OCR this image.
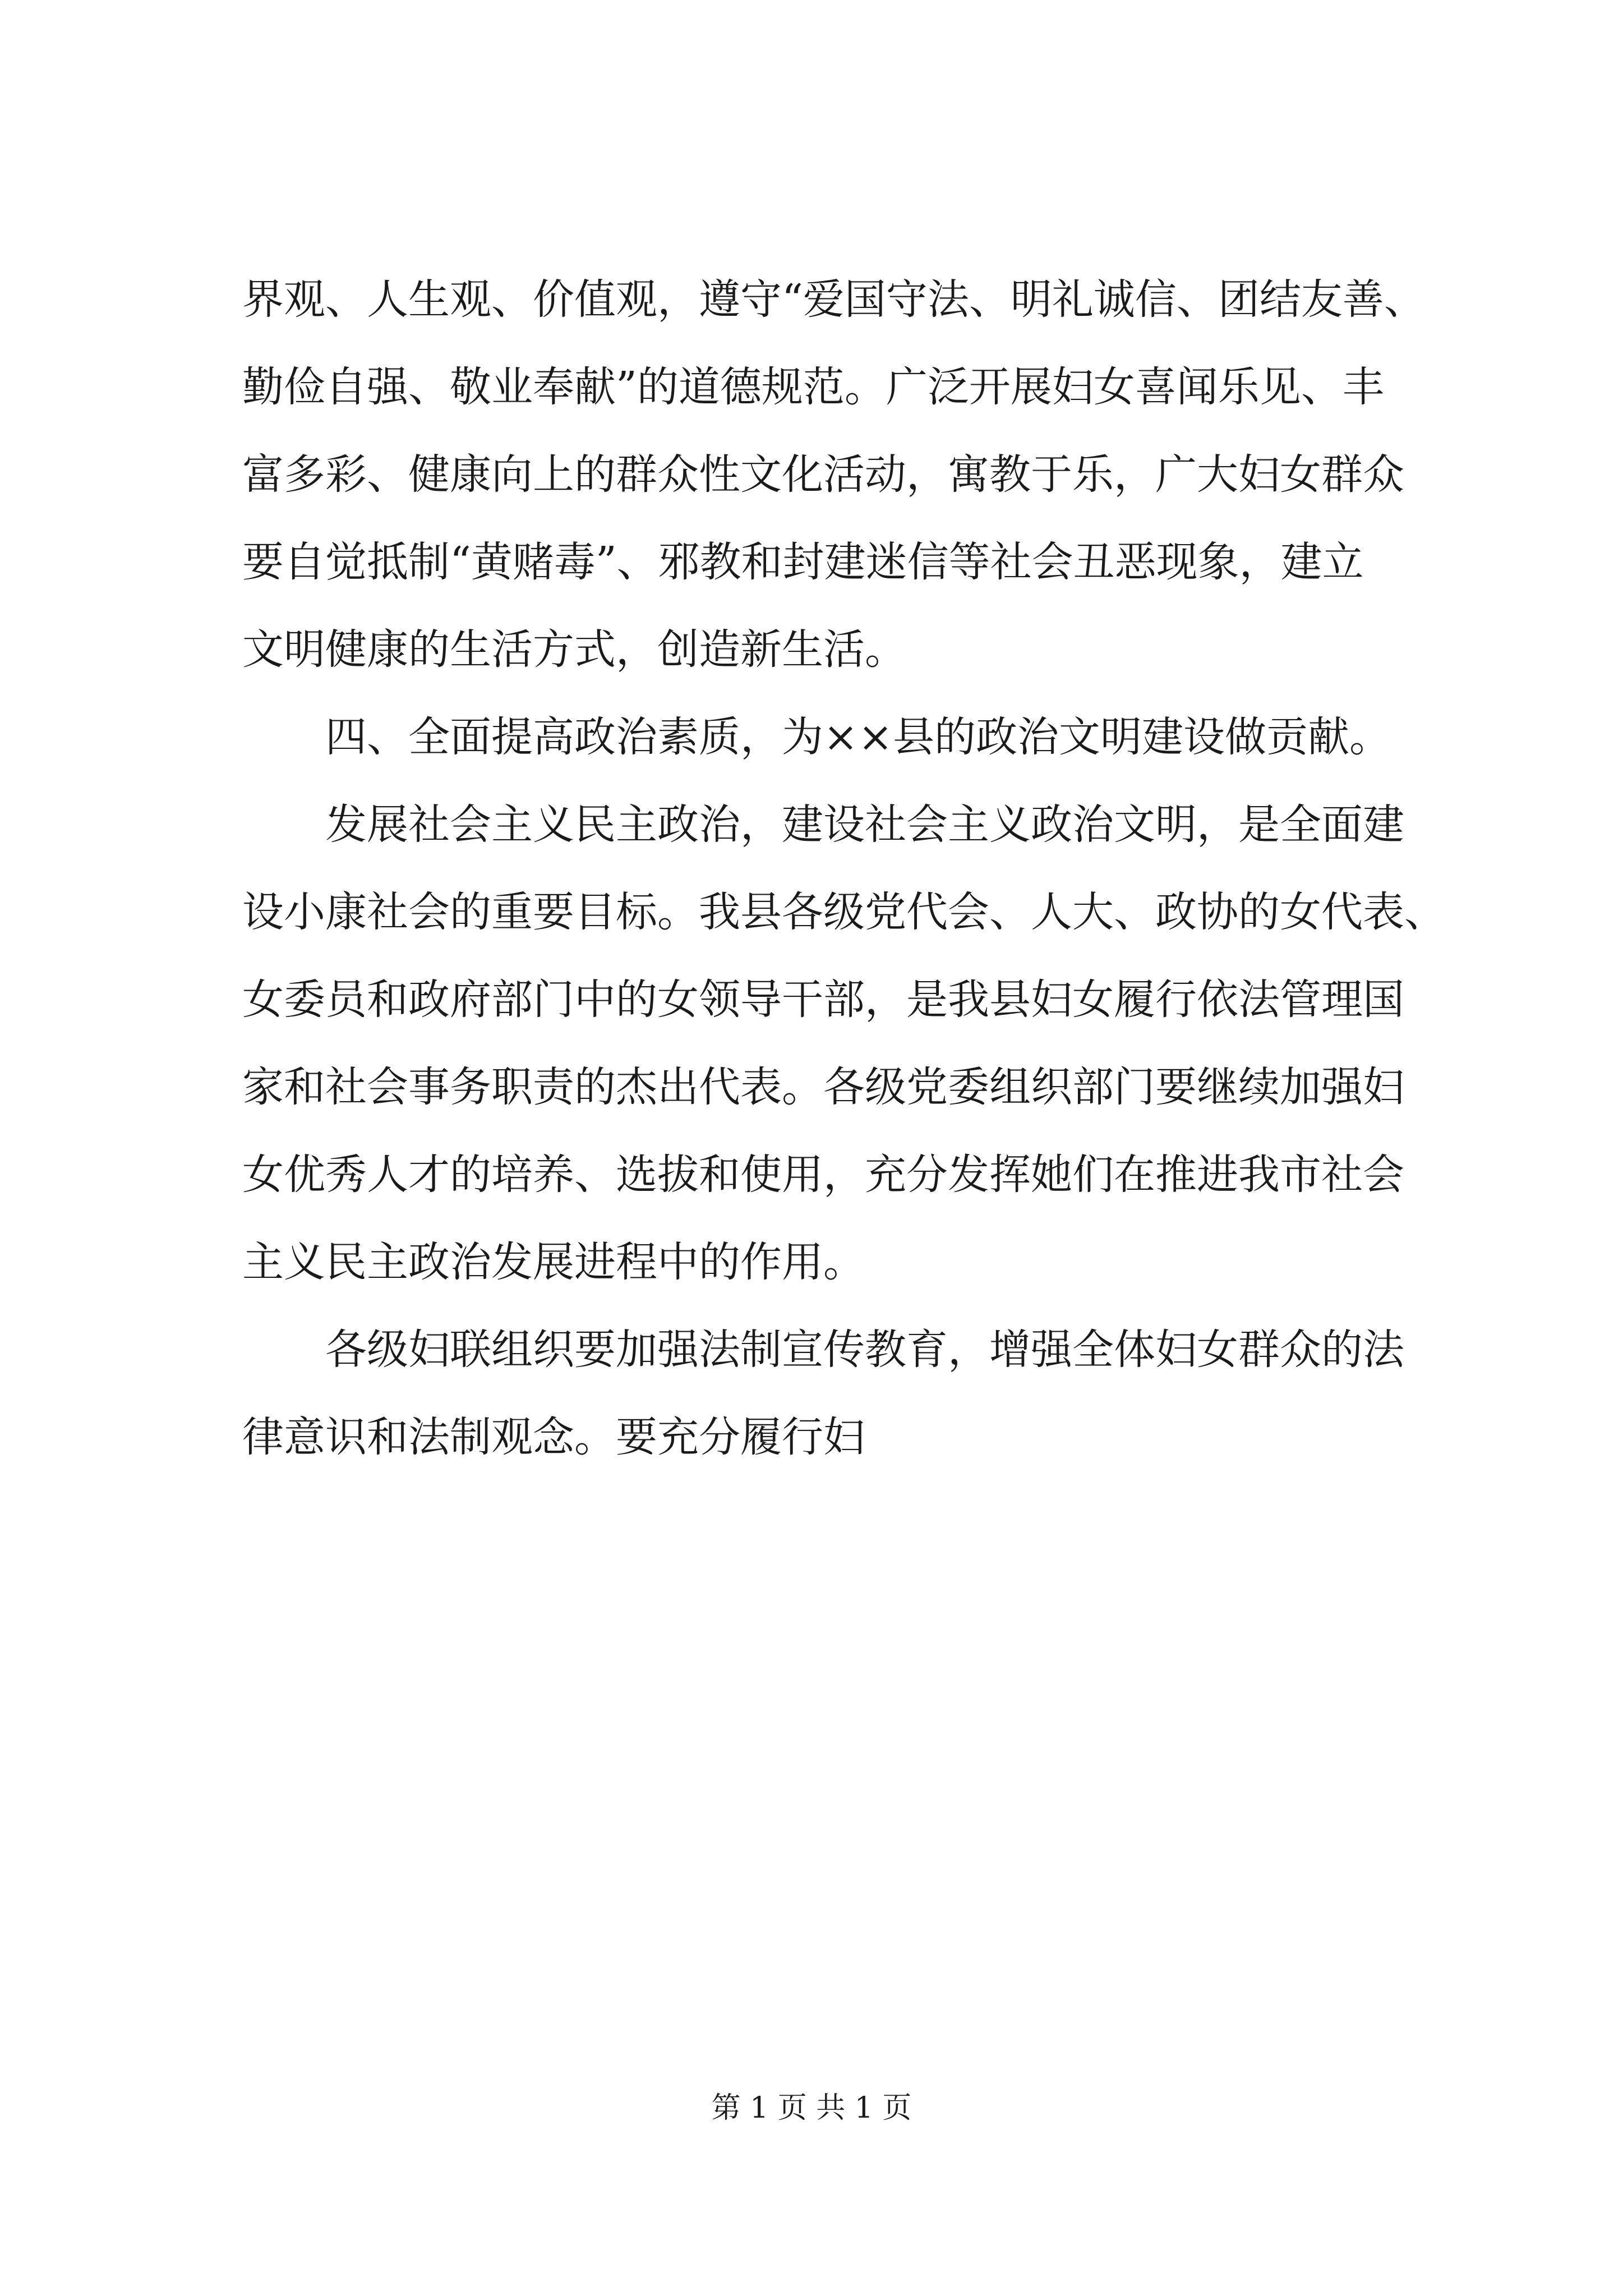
界观、人生观、价值观，遵守“爱国守法、明礼诚信、团结友善、
勤俭自强、敬业奉献”的道德规范。广泛开展妇女喜闻乐见、丰
富多彩、健康向上的群众性文化活动，寓教于乐，广大妇女群众
要自觉抵制“黄赌毒”、邪教和封建迷信等社会丑恶现象，建立
文明健康的生活方式，创造新生活。
四、全面提高政治素质，为××县的政治文明建设做贡献。
发展社会主义民主政治，建设社会主义政治文明，是全面建
设小康社会的重要目标。我县各级党代会、人大、政协的女代表、
女委员和政府部门中的女领导干部，是我县妇女履行依法管理国
家和社会事务职责的杰出代表。各级党委组织部门要继续加强妇
女优秀人才的培养、选拔和使用，充分发挥她们在推进我市社会
主义民主政治发展进程中的作用。
各级妇联组织要加强法制宣传教育，增强全体妇女群众的法
律意识和法制观念。要充分履行妇
第 1 页 共 1 页
